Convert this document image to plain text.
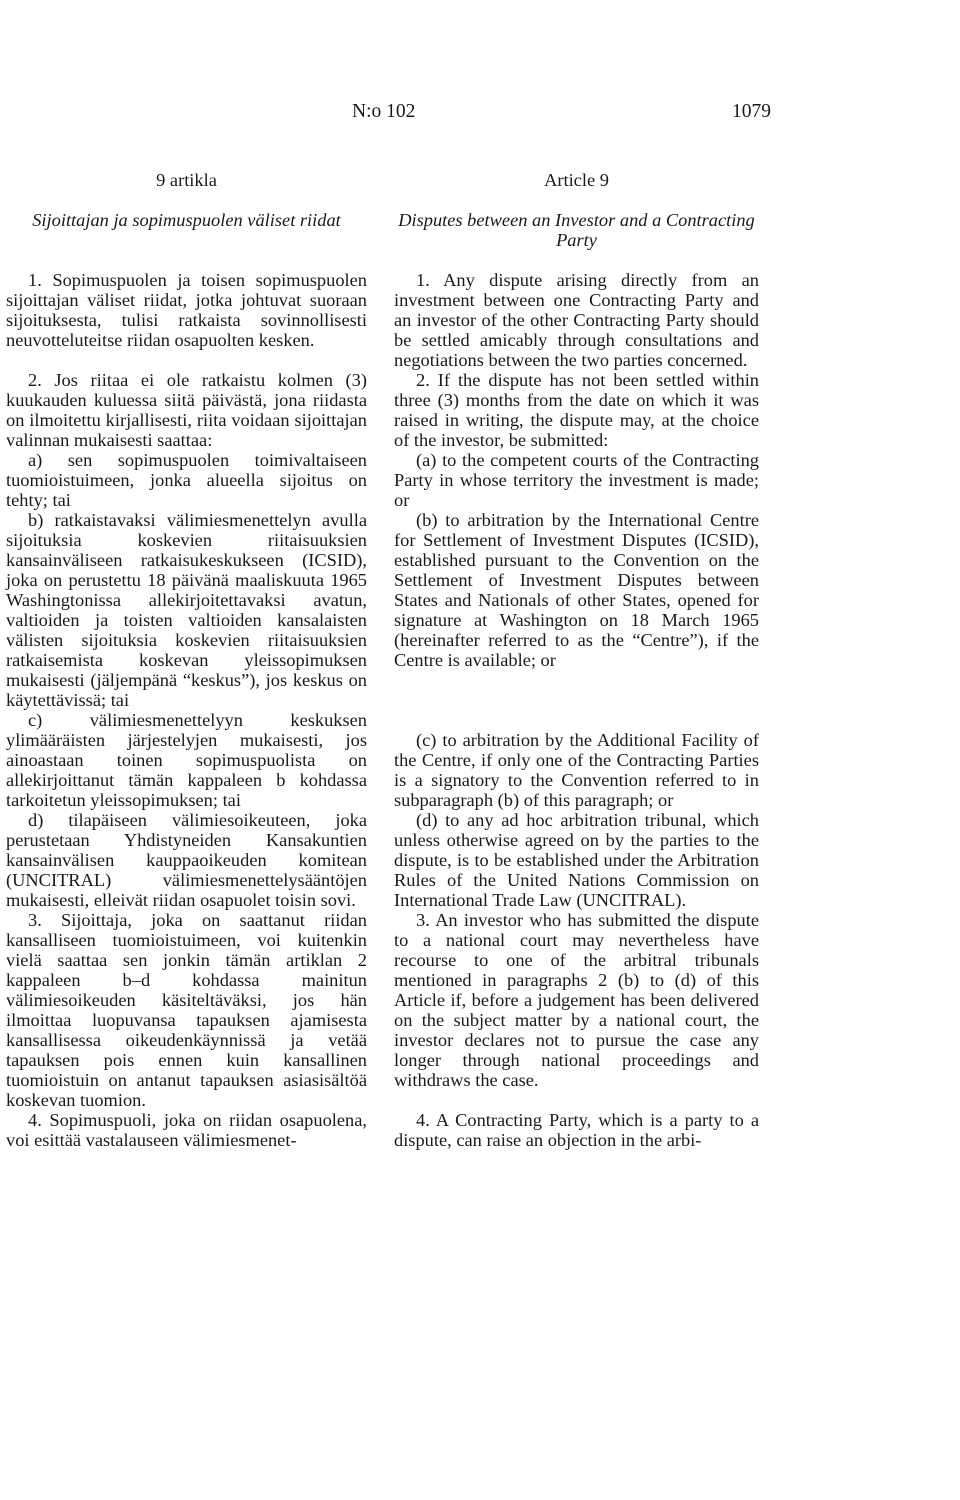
N:o 102	1079
9 artikla
Sijoittajan ja sopimuspuolen väliset riidat

1. Sopimuspuolen ja toisen sopimuspuolen sijoittajan väliset riidat, jotka johtuvat suoraan sijoituksesta, tulisi ratkaista sovinnollisesti neuvotteluteitse riidan osapuolten kesken.

2. Jos riitaa ei ole ratkaistu kolmen (3) kuukauden kuluessa siitä päivästä, jona riidasta on ilmoitettu kirjallisesti, riita voidaan sijoittajan valinnan mukaisesti saattaa:

a) sen sopimuspuolen toimivaltaiseen tuomioistuimeen, jonka alueella sijoitus on tehty; tai

b) ratkaistavaksi välimiesmenettelyn avulla sijoituksia koskevien riitaisuuksien kansainväliseen ratkaisukeskukseen (ICSID), joka on perustettu 18 päivänä maaliskuuta 1965 Washingtonissa allekirjoitettavaksi avatun, valtioiden ja toisten valtioiden kansalaisten välisten sijoituksia koskevien riitaisuuksien ratkaisemista koskevan yleissopimuksen mukaisesti (jäljempänä “keskus”), jos keskus on käytettävissä; tai

c) välimiesmenettelyyn keskuksen ylimääräisten järjestelyjen mukaisesti, jos ainoastaan toinen sopimuspuolista on allekirjoittanut tämän kappaleen b kohdassa tarkoitetun yleissopimuksen; tai

d) tilapäiseen välimiesoikeuteen, joka perustetaan Yhdistyneiden Kansakuntien kansainvälisen kauppaoikeuden komitean (UNCITRAL) välimiesmenettelysääntöjen mukaisesti, elleivät riidan osapuolet toisin sovi.

3. Sijoittaja, joka on saattanut riidan kansalliseen tuomioistuimeen, voi kuitenkin vielä saattaa sen jonkin tämän artiklan 2 kappaleen b–d kohdassa mainitun välimiesoikeuden käsiteltäväksi, jos hän ilmoittaa luopuvansa tapauksen ajamisesta kansallisessa oikeudenkäynnissä ja vetää tapauksen pois ennen kuin kansallinen tuomioistuin on antanut tapauksen asiasisältöä koskevan tuomion.

4. Sopimuspuoli, joka on riidan osapuolena, voi esittää vastalauseen välimiesmenet-

Article 9
Disputes between an Investor and a Contracting Party

1. Any dispute arising directly from an investment between one Contracting Party and an investor of the other Contracting Party should be settled amicably through consultations and negotiations between the two parties concerned.

2. If the dispute has not been settled within three (3) months from the date on which it was raised in writing, the dispute may, at the choice of the investor, be submitted:

(a) to the competent courts of the Contracting Party in whose territory the investment is made; or

(b) to arbitration by the International Centre for Settlement of Investment Disputes (ICSID), established pursuant to the Convention on the Settlement of Investment Disputes between States and Nationals of other States, opened for signature at Washington on 18 March 1965 (hereinafter referred to as the “Centre”), if the Centre is available; or

(c) to arbitration by the Additional Facility of the Centre, if only one of the Contracting Parties is a signatory to the Convention referred to in subparagraph (b) of this paragraph; or

(d) to any ad hoc arbitration tribunal, which unless otherwise agreed on by the parties to the dispute, is to be established under the Arbitration Rules of the United Nations Commission on International Trade Law (UNCITRAL).

3. An investor who has submitted the dispute to a national court may nevertheless have recourse to one of the arbitral tribunals mentioned in paragraphs 2 (b) to (d) of this Article if, before a judgement has been delivered on the subject matter by a national court, the investor declares not to pursue the case any longer through national proceedings and withdraws the case.

4. A Contracting Party, which is a party to a dispute, can raise an objection in the arbi-
